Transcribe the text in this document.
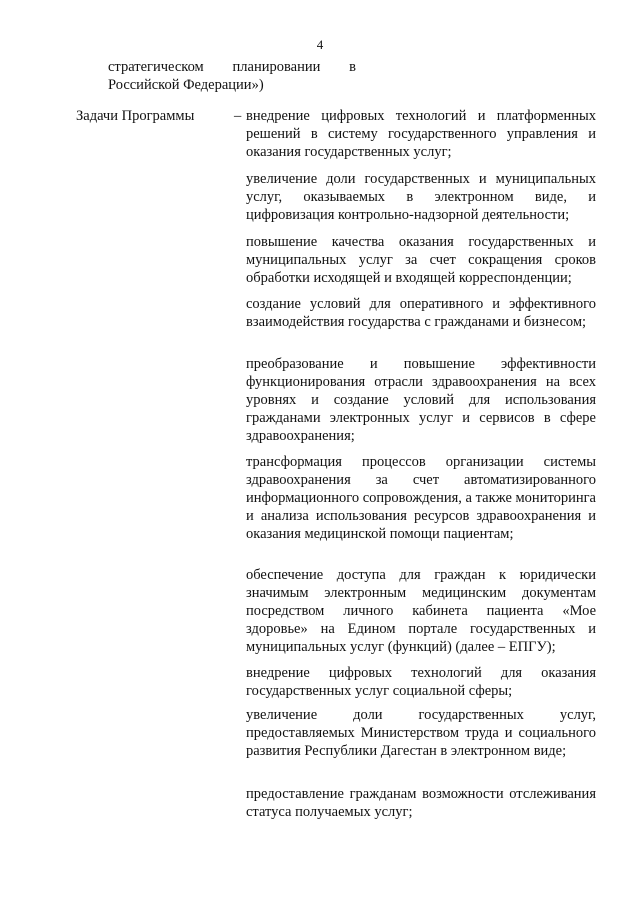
4
стратегическом планировании в
Российской Федерации»)
Задачи Программы	– внедрение цифровых технологий и платформенных решений в систему государственного управления и оказания государственных услуг;
увеличение доли государственных и муниципальных услуг, оказываемых в электронном виде, и цифровизация контрольно-надзорной деятельности;
повышение качества оказания государственных и муниципальных услуг за счет сокращения сроков обработки исходящей и входящей корреспонденции;
создание условий для оперативного и эффективного взаимодействия государства с гражданами и бизнесом;
преобразование и повышение эффективности функционирования отрасли здравоохранения на всех уровнях и создание условий для использования гражданами электронных услуг и сервисов в сфере здравоохранения;
трансформация процессов организации системы здравоохранения за счет автоматизированного информационного сопровождения, а также мониторинга и анализа использования ресурсов здравоохранения и оказания медицинской помощи пациентам;
обеспечение доступа для граждан к юридически значимым электронным медицинским документам посредством личного кабинета пациента «Мое здоровье» на Едином портале государственных и муниципальных услуг (функций) (далее – ЕПГУ);
внедрение цифровых технологий для оказания государственных услуг социальной сферы;
увеличение доли государственных услуг, предоставляемых Министерством труда и социального развития Республики Дагестан в электронном виде;
предоставление гражданам возможности отслеживания статуса получаемых услуг;
